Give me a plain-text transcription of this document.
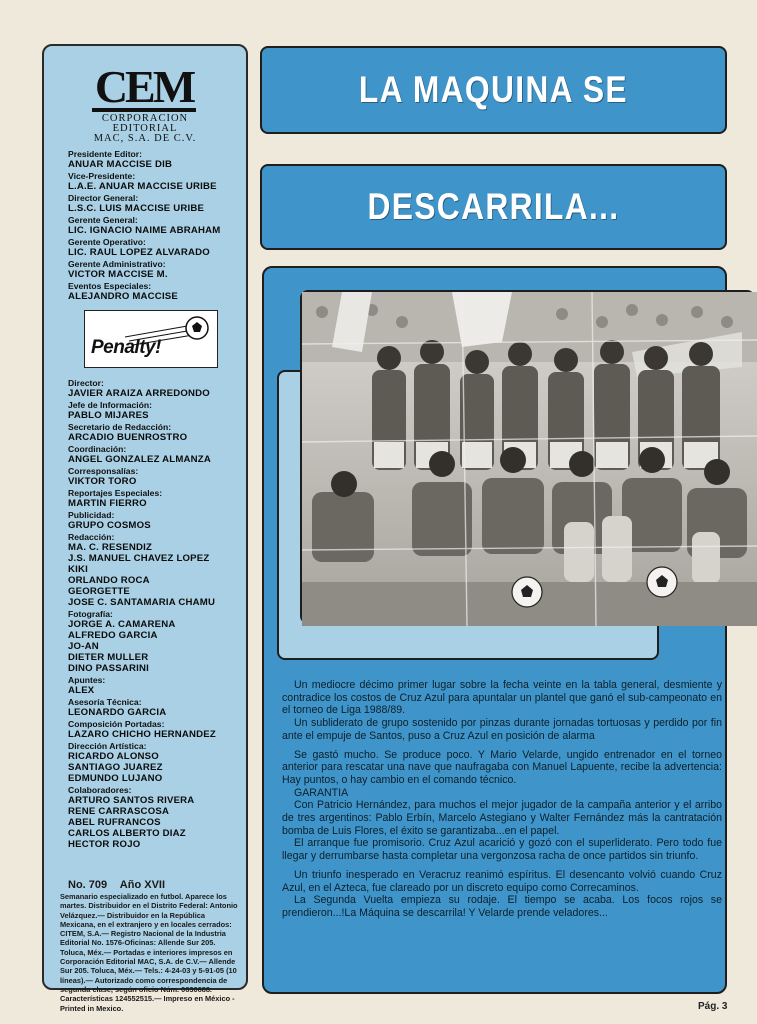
CEM
CORPORACION
EDITORIAL
MAC, S.A. DE C.V.
Penalty!
No. 709 Año XVII
Semanario especializado en futbol. Aparece los martes. Distribuidor en el Distrito Federal: Antonio Velázquez.— Distribuidor en la República Mexicana, en el extranjero y en locales cerrados: CITEM, S.A.— Registro Nacional de la Industria Editorial No. 1576-Oficinas: Allende Sur 205. Toluca, Méx.— Portadas e interiores impresos en Corporación Editorial MAC, S.A. de C.V.— Allende Sur 205. Toluca, Méx.— Tels.: 4-24-03 y 5-91-05 (10 líneas).— Autorizado como correspondencia de segunda clase, según oficio Núm. 0630688. Características 124552515.— Impreso en México - Printed in Mexico.
Presidente Editor:
ANUAR MACCISE DIB
Vice-Presidente:
L.A.E. ANUAR MACCISE URIBE
Director General:
L.S.C. LUIS MACCISE URIBE
Gerente General:
LIC. IGNACIO NAIME ABRAHAM
Gerente Operativo:
LIC. RAUL LOPEZ ALVARADO
Gerente Administrativo:
VICTOR MACCISE M.
Eventos Especiales:
ALEJANDRO MACCISE
Director:
JAVIER ARAIZA ARREDONDO
Jefe de Información:
PABLO MIJARES
Secretario de Redacción:
ARCADIO BUENROSTRO
Coordinación:
ANGEL GONZALEZ ALMANZA
Corresponsalías:
VIKTOR TORO
Reportajes Especiales:
MARTIN FIERRO
Publicidad:
GRUPO COSMOS
Redacción:
MA. C. RESENDIZ
J.S. MANUEL CHAVEZ LOPEZ
KIKI
ORLANDO ROCA
GEORGETTE
JOSE C. SANTAMARIA CHAMU
Fotografía:
JORGE A. CAMARENA
ALFREDO GARCIA
JO-AN
DIETER MULLER
DINO PASSARINI
Apuntes:
ALEX
Asesoría Técnica:
LEONARDO GARCIA
Composición Portadas:
LAZARO CHICHO HERNANDEZ
Dirección Artística:
RICARDO ALONSO
SANTIAGO JUAREZ
EDMUNDO LUJANO
Colaboradores:
ARTURO SANTOS RIVERA
RENE CARRASCOSA
ABEL RUFRANCOS
CARLOS ALBERTO DIAZ
HECTOR ROJO
LA MAQUINA SE
DESCARRILA...

Un mediocre décimo primer lugar sobre la fecha veinte en la tabla general, desmiente y contradice los costos de Cruz Azul para apuntalar un plantel que ganó el sub-campeonato en el torneo de Liga 1988/89.

Un subliderato de grupo sostenido por pinzas durante jornadas tortuosas y perdido por fin ante el empuje de Santos, puso a Cruz Azul en posición de alarma

Se gastó mucho. Se produce poco. Y Mario Velarde, ungido entrenador en el torneo anterior para rescatar una nave que naufragaba con Manuel Lapuente, recibe la advertencia: Hay puntos, o hay cambio en el comando técnico.

GARANTIA

Con Patricio Hernández, para muchos el mejor jugador de la campaña anterior y el arribo de tres argentinos: Pablo Erbín, Marcelo Astegiano y Walter Fernández más la cantratación bomba de Luis Flores, el éxito se garantizaba...en el papel.

El arranque fue promisorio. Cruz Azul acarició y gozó con el superliderato. Pero todo fue llegar y derrumbarse hasta completar una vergonzosa racha de once partidos sin triunfo.

Un triunfo inesperado en Veracruz reanimó espíritus. El desencanto volvió cuando Cruz Azul, en el Azteca, fue clareado por un discreto equipo como Correcaminos.

La Segunda Vuelta empieza su rodaje. El tiempo se acaba. Los focos rojos se prendieron...!La Máquina se descarrila! Y Velarde prende veladores...

Pág. 3
